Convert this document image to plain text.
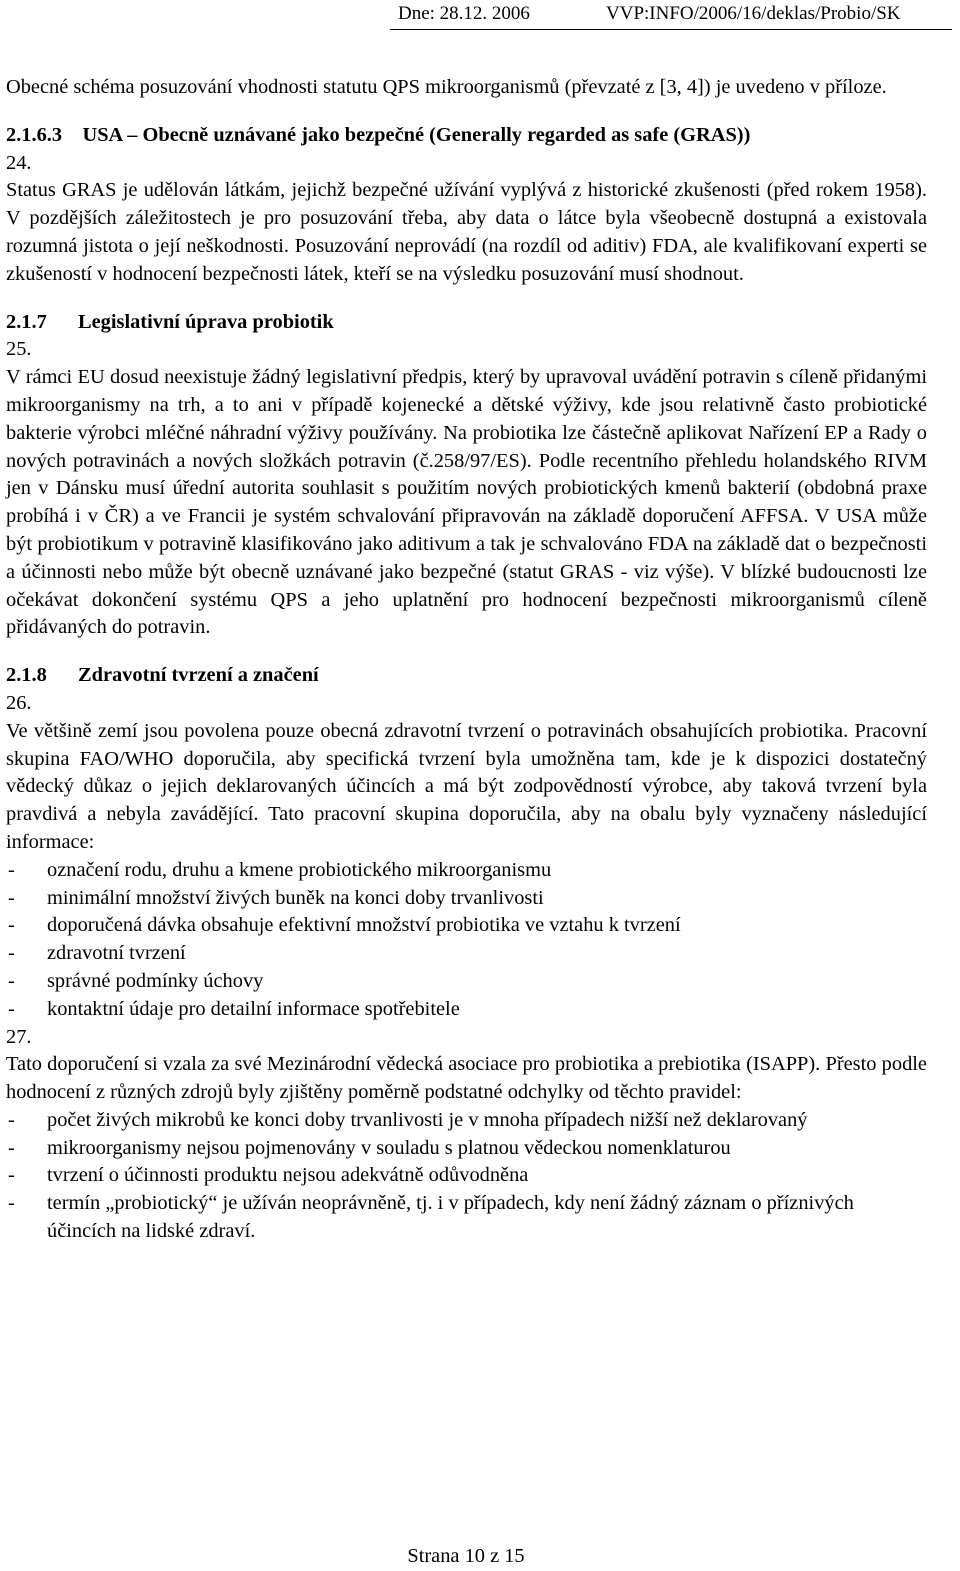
Dne: 28.12. 2006	VVP:INFO/2006/16/deklas/Probio/SK

Obecné schéma posuzování vhodnosti statutu QPS mikroorganismů (převzaté z [3, 4]) je uvedeno v příloze.

2.1.6.3 USA – Obecně uznávané jako bezpečné (Generally regarded as safe (GRAS))

24.

Status GRAS je udělován látkám, jejichž bezpečné užívání vyplývá z historické zkušenosti (před rokem 1958). V pozdějších záležitostech je pro posuzování třeba, aby data o látce byla všeobecně dostupná a existovala rozumná jistota o její neškodnosti. Posuzování neprovádí (na rozdíl od aditiv) FDA, ale kvalifikovaní experti se zkušeností v hodnocení bezpečnosti látek, kteří se na výsledku posuzování musí shodnout.

2.1.7 Legislativní úprava probiotik

25.

V rámci EU dosud neexistuje žádný legislativní předpis, který by upravoval uvádění potravin s cíleně přidanými mikroorganismy na trh, a to ani v případě kojenecké a dětské výživy, kde jsou relativně často probiotické bakterie výrobci mléčné náhradní výživy používány. Na probiotika lze částečně aplikovat Nařízení EP a Rady o nových potravinách a nových složkách potravin (č.258/97/ES). Podle recentního přehledu holandského RIVM jen v Dánsku musí úřední autorita souhlasit s použitím nových probiotických kmenů bakterií (obdobná praxe probíhá i v ČR) a ve Francii je systém schvalování připravován na základě doporučení AFFSA. V USA může být probiotikum v potravině klasifikováno jako aditivum a tak je schvalováno FDA na základě dat o bezpečnosti a účinnosti nebo může být obecně uznávané jako bezpečné (statut GRAS - viz výše). V blízké budoucnosti lze očekávat dokončení systému QPS a jeho uplatnění pro hodnocení bezpečnosti mikroorganismů cíleně přidávaných do potravin.

2.1.8 Zdravotní tvrzení a značení

26.

Ve většině zemí jsou povolena pouze obecná zdravotní tvrzení o potravinách obsahujících probiotika. Pracovní skupina FAO/WHO doporučila, aby specifická tvrzení byla umožněna tam, kde je k dispozici dostatečný vědecký důkaz o jejich deklarovaných účincích a má být zodpovědností výrobce, aby taková tvrzení byla pravdivá a nebyla zavádějící. Tato pracovní skupina doporučila, aby na obalu byly vyznačeny následující informace:

- označení rodu, druhu a kmene probiotického mikroorganismu
- minimální množství živých buněk na konci doby trvanlivosti
- doporučená dávka obsahuje efektivní množství probiotika ve vztahu k tvrzení
- zdravotní tvrzení
- správné podmínky úchovy
- kontaktní údaje pro detailní informace spotřebitele

27.

Tato doporučení si vzala za své Mezinárodní vědecká asociace pro probiotika a prebiotika (ISAPP). Přesto podle hodnocení z různých zdrojů byly zjištěny poměrně podstatné odchylky od těchto pravidel:

- počet živých mikrobů ke konci doby trvanlivosti je v mnoha případech nižší než deklarovaný
- mikroorganismy nejsou pojmenovány v souladu s platnou vědeckou nomenklaturou
- tvrzení o účinnosti produktu nejsou adekvátně odůvodněna
- termín „probiotický“ je užíván neoprávněně, tj. i v případech, kdy není žádný záznam o příznivých účincích na lidské zdraví.
Strana 10 z 15
